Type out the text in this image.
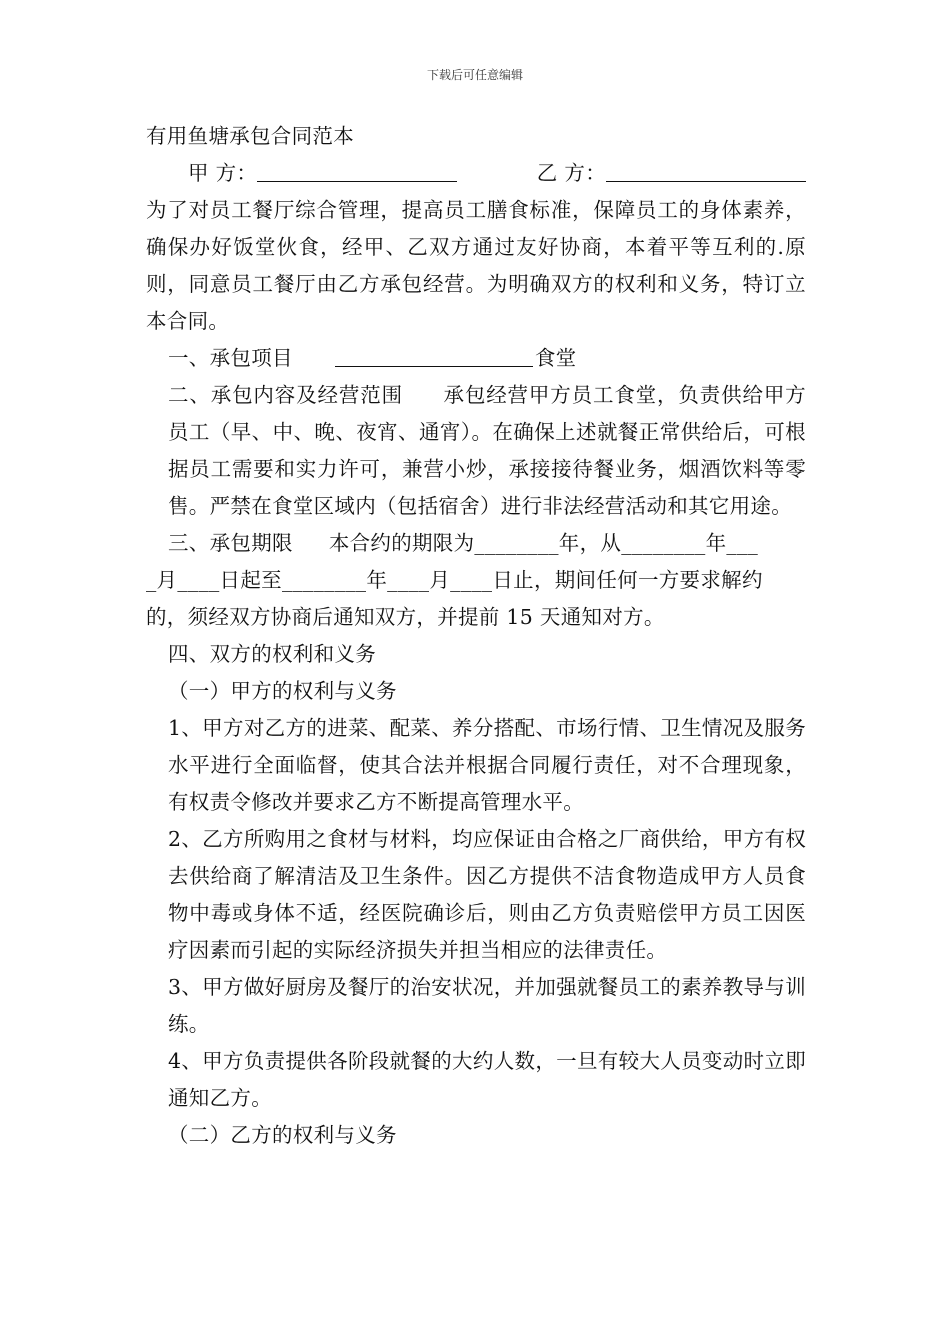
下载后可任意编辑
有用鱼塘承包合同范本
甲 方：	乙 方：

为了对员工餐厅综合管理，提高员工膳食标准，保障员工的身体素养，确保办好饭堂伙食，经甲、乙双方通过友好协商，本着平等互利的.原则，同意员工餐厅由乙方承包经营。为明确双方的权利和义务，特订立本合同。

一、承包项目	食堂

二、承包内容及经营范围 承包经营甲方员工食堂，负责供给甲方员工（早、中、晚、夜宵、通宵）。在确保上述就餐正常供给后，可根据员工需要和实力许可，兼营小炒，承接接待餐业务，烟酒饮料等零售。严禁在食堂区域内（包括宿舍）进行非法经营活动和其它用途。

三、承包期限 本合约的期限为________年，从________年___
_月____日起至________年____月____日止，期间任何一方要求解约
的，须经双方协商后通知双方，并提前 15 天通知对方。
四、双方的权利和义务
（一）甲方的权利与义务

1、甲方对乙方的进菜、配菜、养分搭配、市场行情、卫生情况及服务水平进行全面临督，使其合法并根据合同履行责任，对不合理现象，有权责令修改并要求乙方不断提高管理水平。

2、乙方所购用之食材与材料，均应保证由合格之厂商供给，甲方有权去供给商了解清洁及卫生条件。因乙方提供不洁食物造成甲方人员食物中毒或身体不适，经医院确诊后，则由乙方负责赔偿甲方员工因医疗因素而引起的实际经济损失并担当相应的法律责任。

3、甲方做好厨房及餐厅的治安状况，并加强就餐员工的素养教导与训练。

4、甲方负责提供各阶段就餐的大约人数，一旦有较大人员变动时立即通知乙方。

（二）乙方的权利与义务
